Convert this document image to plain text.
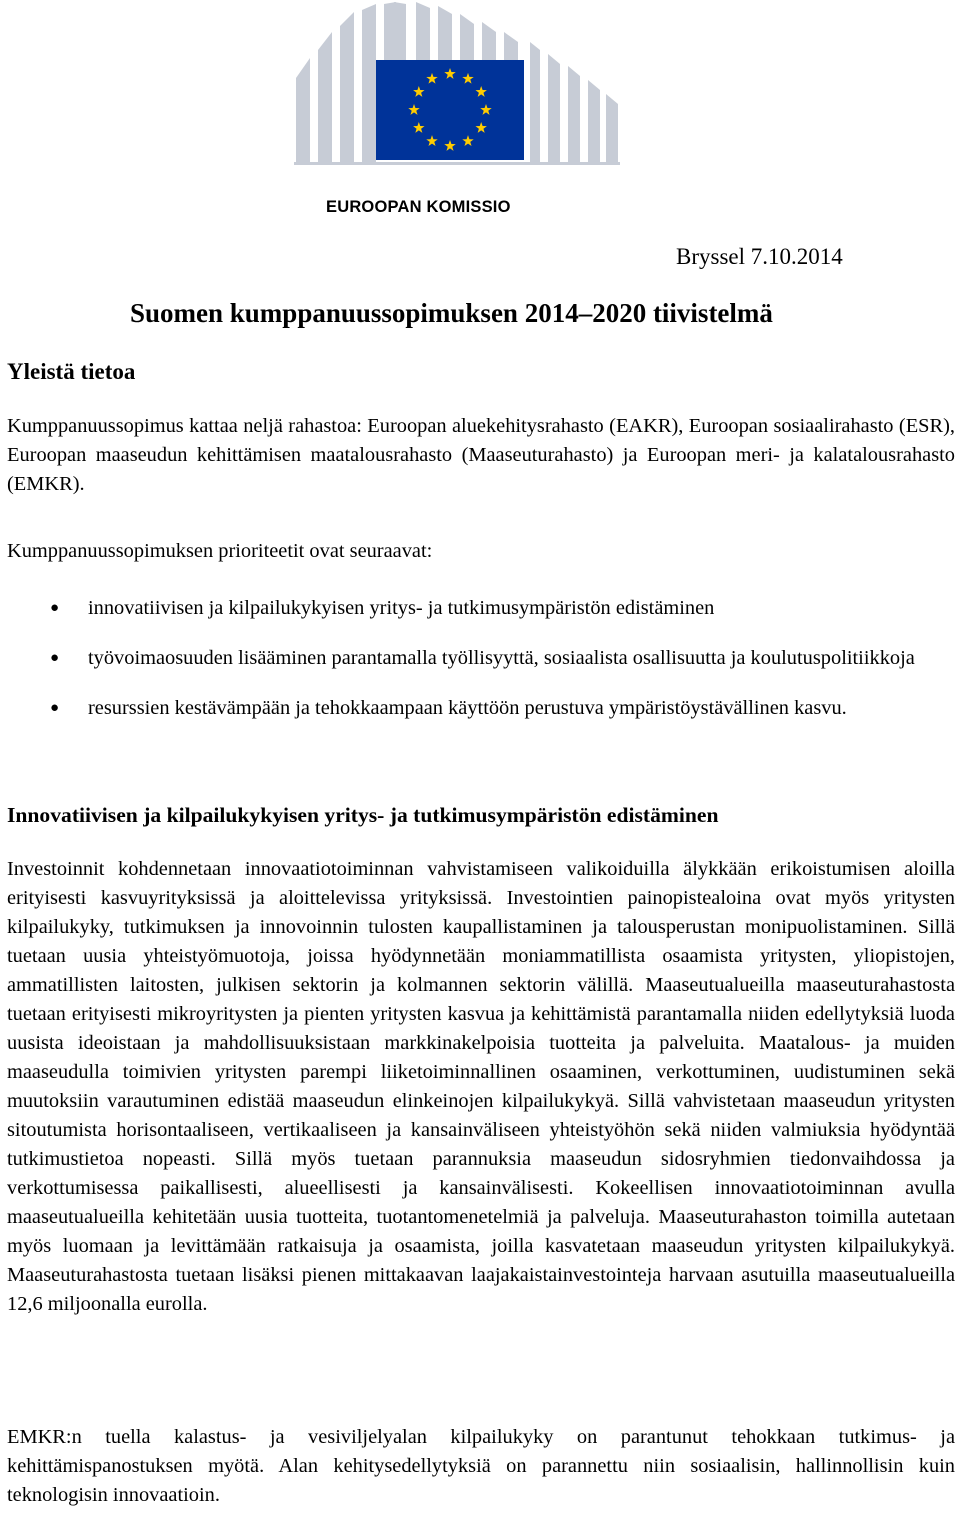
EUROOPAN KOMISSIO
Bryssel 7.10.2014
Suomen kumppanuussopimuksen 2014–2020 tiivistelmä
Yleistä tietoa

Kumppanuussopimus kattaa neljä rahastoa: Euroopan aluekehitysrahasto (EAKR), Euroopan sosiaalirahasto (ESR), Euroopan maaseudun kehittämisen maatalousrahasto (Maaseuturahasto) ja Euroopan meri- ja kalatalousrahasto (EMKR).

Kumppanuussopimuksen prioriteetit ovat seuraavat:

● innovatiivisen ja kilpailukykyisen yritys- ja tutkimusympäristön edistäminen
● työvoimaosuuden lisääminen parantamalla työllisyyttä, sosiaalista osallisuutta ja koulutuspolitiikkoja
● resurssien kestävämpään ja tehokkaampaan käyttöön perustuva ympäristöystävällinen kasvu.
Innovatiivisen ja kilpailukykyisen yritys- ja tutkimusympäristön edistäminen

Investoinnit kohdennetaan innovaatiotoiminnan vahvistamiseen valikoiduilla älykkään erikoistumisen aloilla erityisesti kasvuyrityksissä ja aloittelevissa yrityksissä. Investointien painopistealoina ovat myös yritysten kilpailukyky, tutkimuksen ja innovoinnin tulosten kaupallistaminen ja talousperustan monipuolistaminen. Sillä tuetaan uusia yhteistyömuotoja, joissa hyödynnetään moniammatillista osaamista yritysten, yliopistojen, ammatillisten laitosten, julkisen sektorin ja kolmannen sektorin välillä. Maaseutualueilla maaseuturahastosta tuetaan erityisesti mikroyritysten ja pienten yritysten kasvua ja kehittämistä parantamalla niiden edellytyksiä luoda uusista ideoistaan ja mahdollisuuksistaan markkinakelpoisia tuotteita ja palveluita. Maatalous- ja muiden maaseudulla toimivien yritysten parempi liiketoiminnallinen osaaminen, verkottuminen, uudistuminen sekä muutoksiin varautuminen edistää maaseudun elinkeinojen kilpailukykyä. Sillä vahvistetaan maaseudun yritysten sitoutumista horisontaaliseen, vertikaaliseen ja kansainväliseen yhteistyöhön sekä niiden valmiuksia hyödyntää tutkimustietoa nopeasti. Sillä myös tuetaan parannuksia maaseudun sidosryhmien tiedonvaihdossa ja verkottumisessa paikallisesti, alueellisesti ja kansainvälisesti. Kokeellisen innovaatiotoiminnan avulla maaseutualueilla kehitetään uusia tuotteita, tuotantomenetelmiä ja palveluja. Maaseuturahaston toimilla autetaan myös luomaan ja levittämään ratkaisuja ja osaamista, joilla kasvatetaan maaseudun yritysten kilpailukykyä. Maaseuturahastosta tuetaan lisäksi pienen mittakaavan laajakaistainvestointeja harvaan asutuilla maaseutualueilla 12,6 miljoonalla eurolla.

EMKR:n tuella kalastus- ja vesiviljelyalan kilpailukyky on parantunut tehokkaan tutkimus- ja kehittämispanostuksen myötä. Alan kehitysedellytyksiä on parannettu niin sosiaalisin, hallinnollisin kuin teknologisin innovaatioin.
